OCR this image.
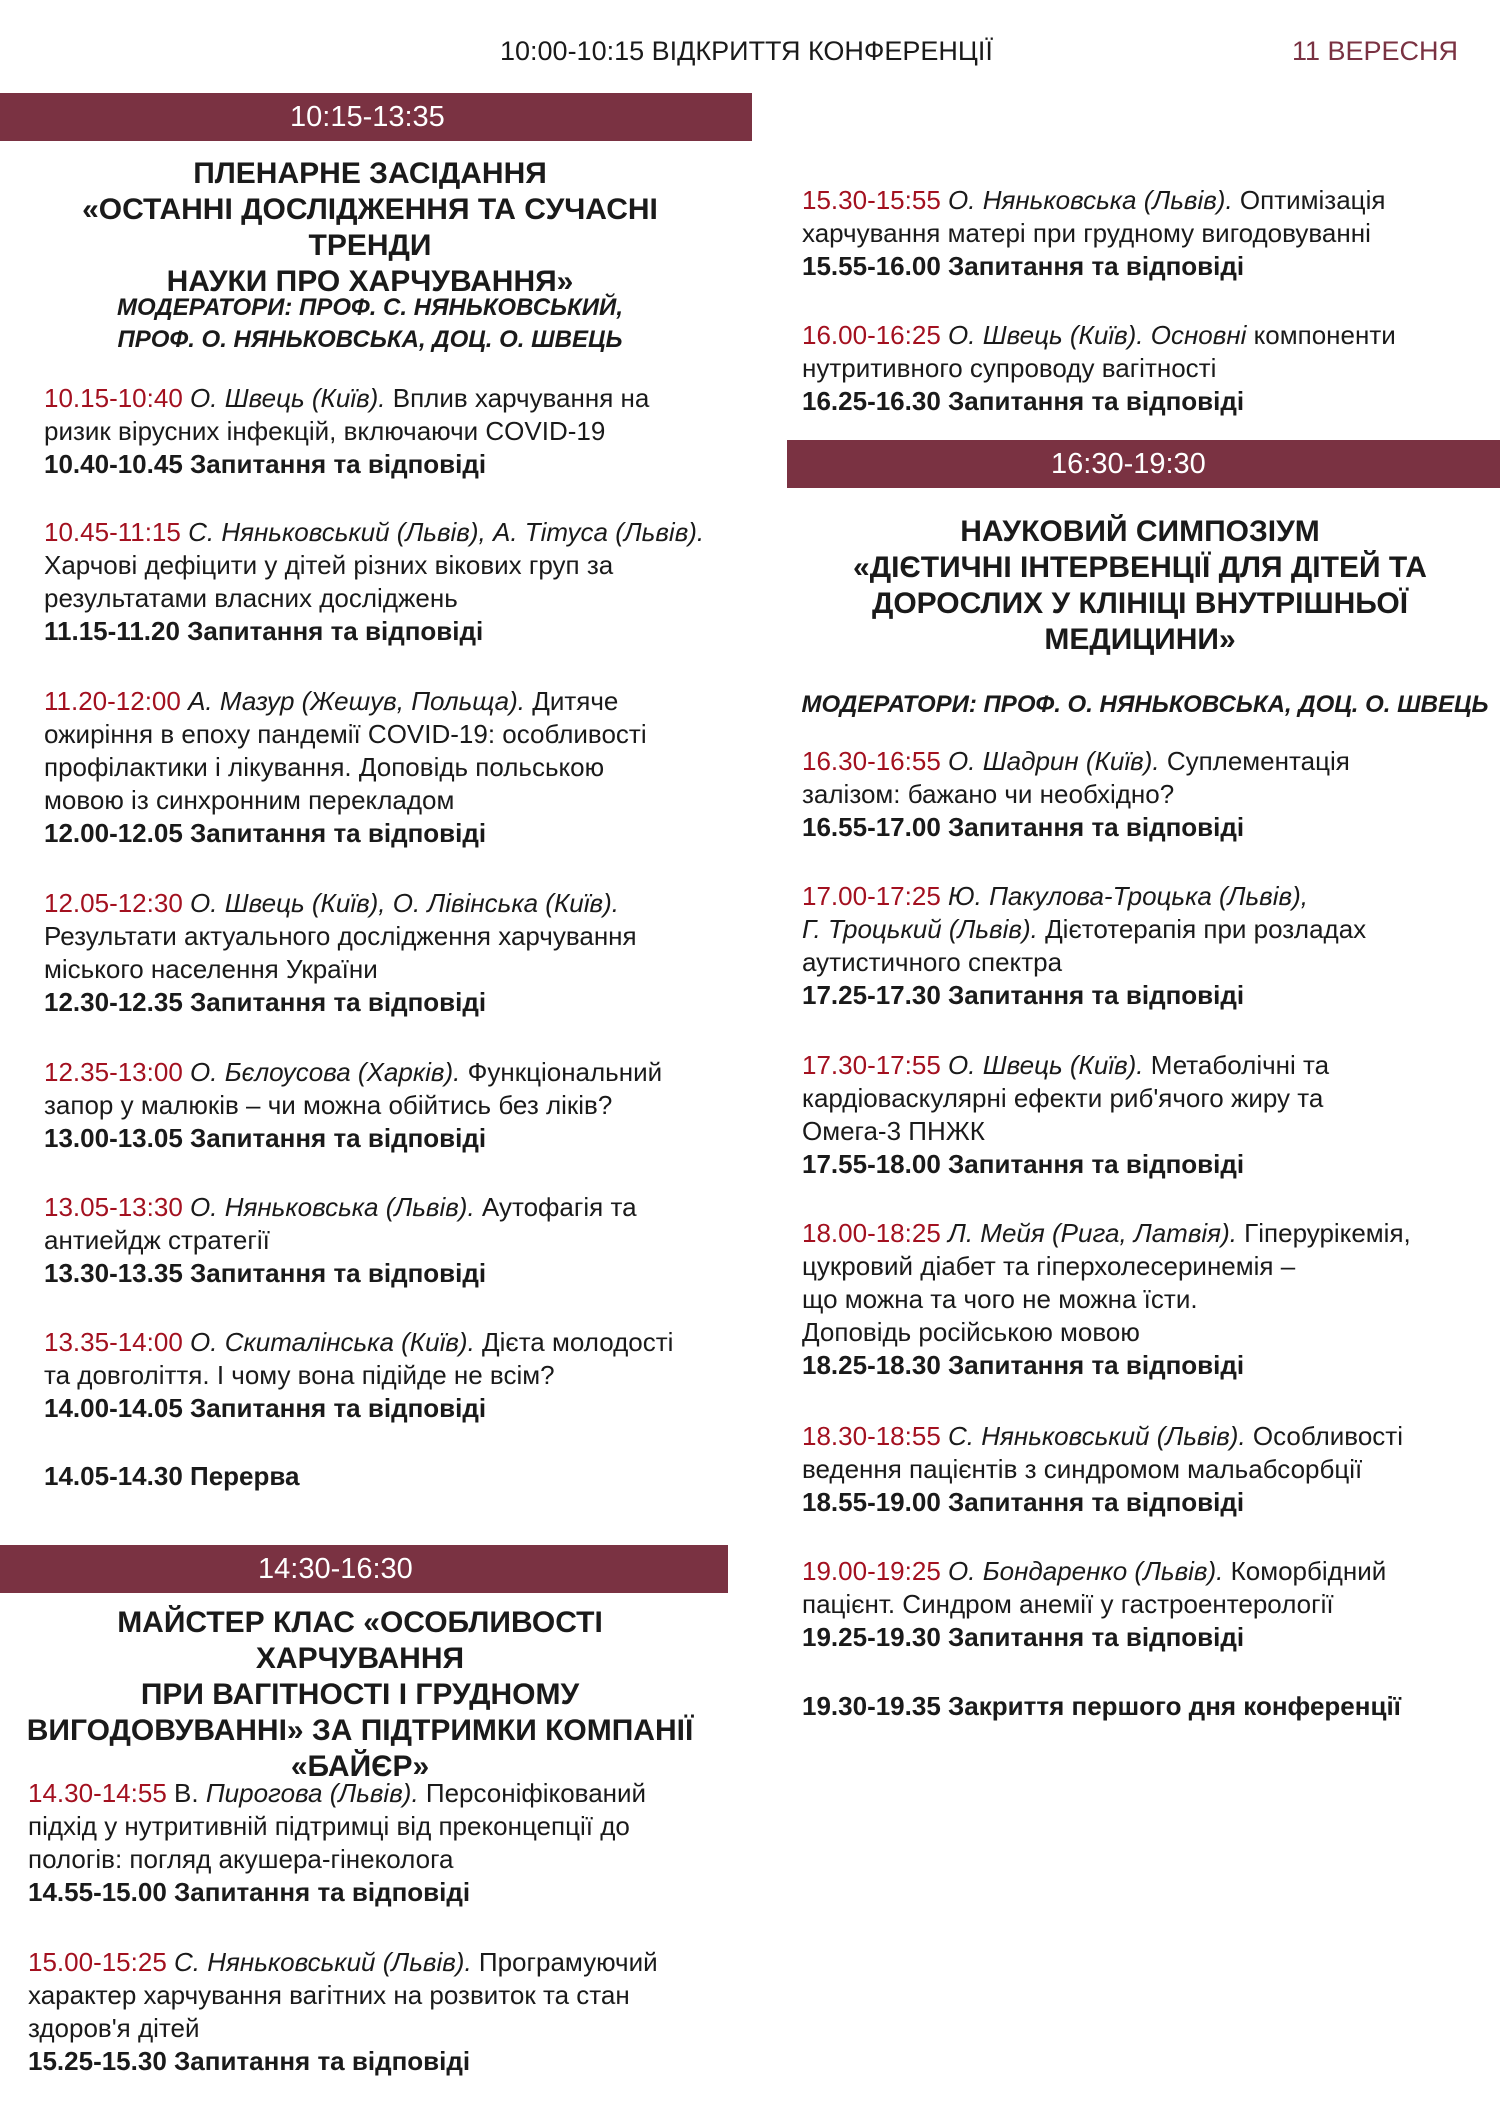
10:00-10:15 ВІДКРИТТЯ КОНФЕРЕНЦІЇ	11 ВЕРЕСНЯ
10:15-13:35
ПЛЕНАРНЕ ЗАСІДАННЯ
«ОСТАННІ ДОСЛІДЖЕННЯ ТА СУЧАСНІ ТРЕНДИ
НАУКИ ПРО ХАРЧУВАННЯ»
МОДЕРАТОРИ: ПРОФ. С. НЯНЬКОВСЬКИЙ,
ПРОФ. О. НЯНЬКОВСЬКА, ДОЦ. О. ШВЕЦЬ
10.15-10:40 О. Швець (Київ). Вплив харчування на
ризик вірусних інфекцій, включаючи COVID-19
10.40-10.45 Запитання та відповіді
10.45-11:15 С. Няньковський (Львів), А. Тітуса (Львів).
Харчові дефіцити у дітей різних вікових груп за
результатами власних досліджень
11.15-11.20 Запитання та відповіді
11.20-12:00 А. Мазур (Жешув, Польща). Дитяче
ожиріння в епоху пандемії COVID-19: особливості
профілактики і лікування. Доповідь польською
мовою із синхронним перекладом
12.00-12.05 Запитання та відповіді
12.05-12:30 О. Швець (Київ), О. Лівінська (Київ).
Результати актуального дослідження харчування
міського населення України
12.30-12.35 Запитання та відповіді
12.35-13:00 О. Бєлоусова (Харків). Функціональний
запор у малюків – чи можна обійтись без ліків?
13.00-13.05 Запитання та відповіді
13.05-13:30 О. Няньковська (Львів). Аутофагія та
антиейдж стратегії
13.30-13.35 Запитання та відповіді
13.35-14:00 О. Скиталінська (Київ). Дієта молодості
та довголіття. І чому вона підійде не всім?
14.00-14.05 Запитання та відповіді
14.05-14.30 Перерва
14:30-16:30
МАЙСТЕР КЛАС «ОСОБЛИВОСТІ ХАРЧУВАННЯ
ПРИ ВАГІТНОСТІ І ГРУДНОМУ
ВИГОДОВУВАННІ» ЗА ПІДТРИМКИ КОМПАНІЇ
«БАЙЄР»
14.30-14:55 В. Пирогова (Львів). Персоніфікований
підхід у нутритивній підтримці від преконцепції до
пологів: погляд акушера-гінеколога
14.55-15.00 Запитання та відповіді
15.00-15:25 С. Няньковський (Львів). Програмуючий
характер харчування вагітних на розвиток та стан
здоров'я дітей
15.25-15.30 Запитання та відповіді
15.30-15:55 О. Няньковська (Львів). Оптимізація
харчування матері при грудному вигодовуванні
15.55-16.00 Запитання та відповіді
16.00-16:25 О. Швець (Київ). Основні компоненти
нутритивного супроводу вагітності
16.25-16.30 Запитання та відповіді
16:30-19:30
НАУКОВИЙ СИМПОЗІУМ
«ДІЄТИЧНІ ІНТЕРВЕНЦІЇ ДЛЯ ДІТЕЙ ТА
ДОРОСЛИХ У КЛІНІЦІ ВНУТРІШНЬОЇ
МЕДИЦИНИ»
МОДЕРАТОРИ: ПРОФ. О. НЯНЬКОВСЬКА, ДОЦ. О. ШВЕЦЬ
16.30-16:55 О. Шадрин (Київ). Суплементація
залізом: бажано чи необхідно?
16.55-17.00 Запитання та відповіді
17.00-17:25 Ю. Пакулова-Троцька (Львів),
Г. Троцький (Львів). Дієтотерапія при розладах
аутистичного спектра
17.25-17.30 Запитання та відповіді
17.30-17:55 О. Швець (Київ). Метаболічні та
кардіоваскулярні ефекти риб'ячого жиру та
Омега-3 ПНЖК
17.55-18.00 Запитання та відповіді
18.00-18:25 Л. Мейя (Рига, Латвія). Гіперурікемія,
цукровий діабет та гіперхолесеринемія –
що можна та чого не можна їсти.
Доповідь російською мовою
18.25-18.30 Запитання та відповіді
18.30-18:55 С. Няньковський (Львів). Особливості
ведення пацієнтів з синдромом мальабсорбції
18.55-19.00 Запитання та відповіді
19.00-19:25 О. Бондаренко (Львів). Коморбідний
пацієнт. Синдром анемії у гастроентерології
19.25-19.30 Запитання та відповіді
19.30-19.35 Закриття першого дня конференції
